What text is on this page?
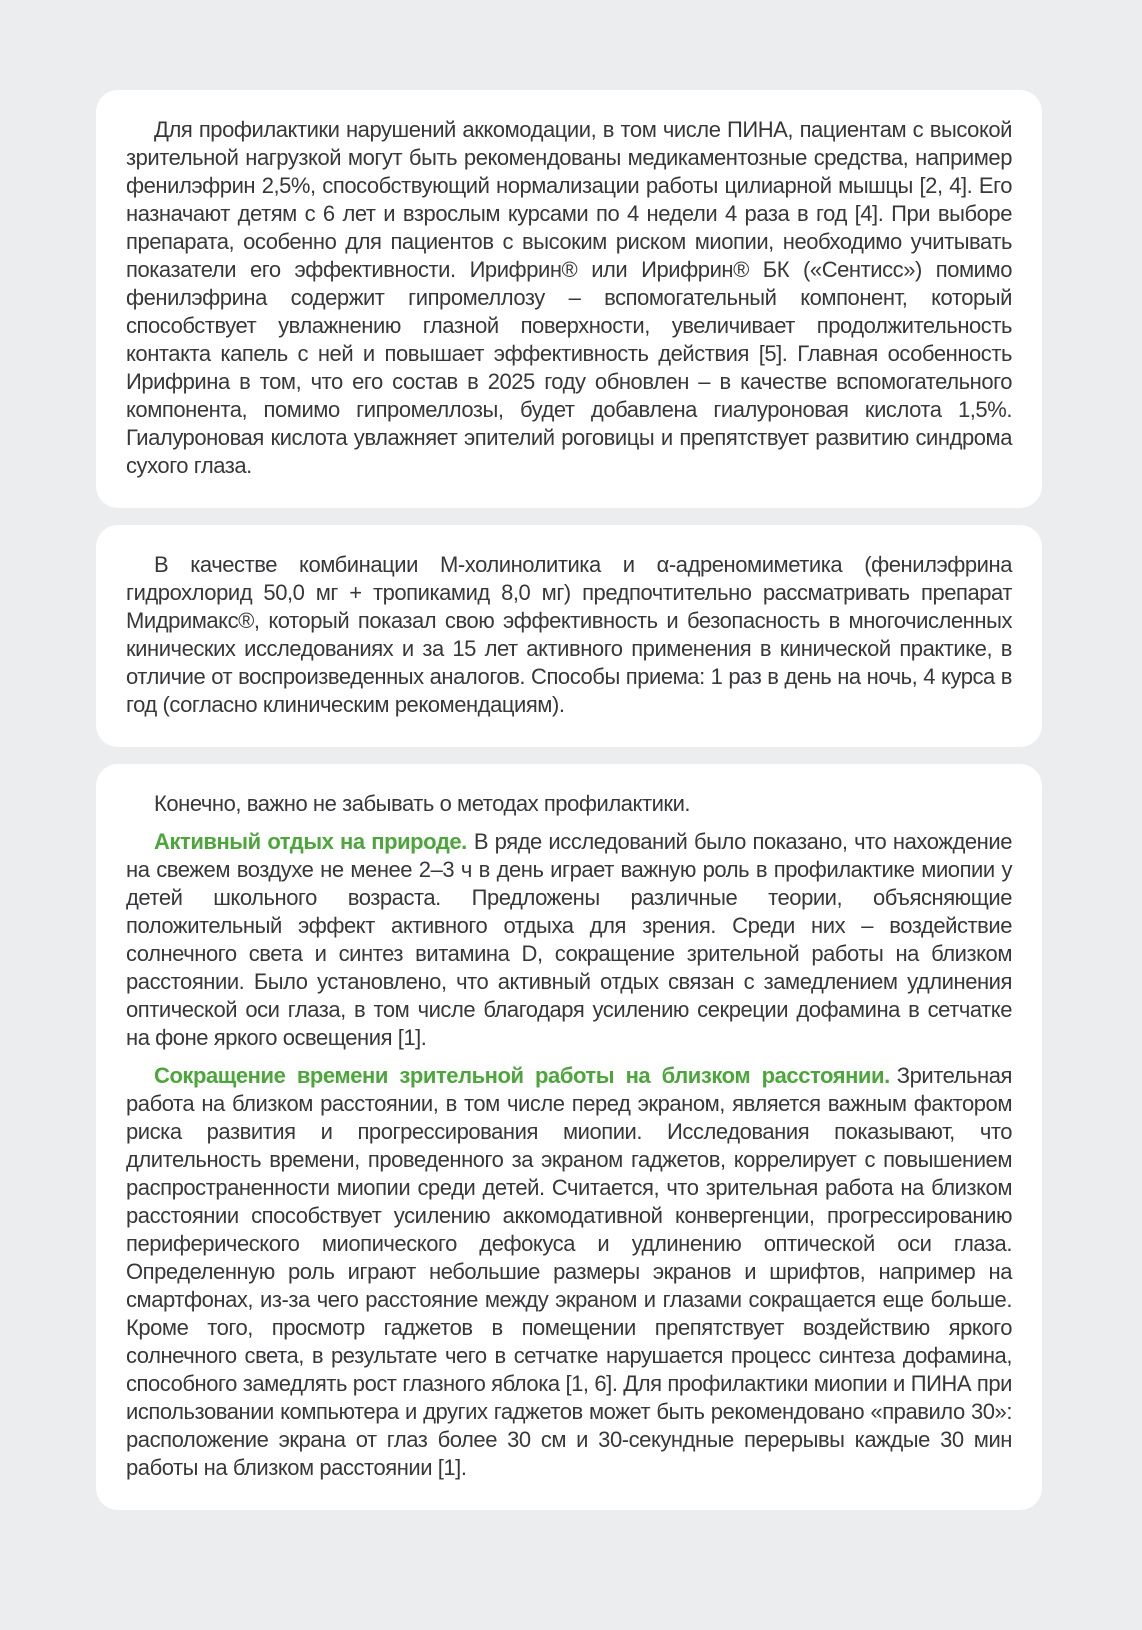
Для профилактики нарушений аккомодации, в том числе ПИНА, пациентам с высокой зрительной нагрузкой могут быть рекомендованы медикаментозные средства, например фенилэфрин 2,5%, способствующий нормализации работы цилиарной мышцы [2, 4]. Его назначают детям с 6 лет и взрослым курсами по 4 недели 4 раза в год [4]. При выборе препарата, особенно для пациентов с высоким риском миопии, необходимо учитывать показатели его эффективности. Ирифрин® или Ирифрин® БК («Сентисс») помимо фенилэфрина содержит гипромеллозу – вспомогательный компонент, который способствует увлажнению глазной поверхности, увеличивает продолжительность контакта капель с ней и повышает эффективность действия [5]. Главная особенность Ирифрина в том, что его состав в 2025 году обновлен – в качестве вспомогательного компонента, помимо гипромеллозы, будет добавлена гиалуроновая кислота 1,5%. Гиалуроновая кислота увлажняет эпителий роговицы и препятствует развитию синдрома сухого глаза.

В качестве комбинации М-холинолитика и α-адреномиметика (фенилэфрина гидрохлорид 50,0 мг + тропикамид 8,0 мг) предпочтительно рассматривать препарат Мидримакс®, который показал свою эффективность и безопасность в многочисленных кинических исследованиях и за 15 лет активного применения в кинической практике, в отличие от воспроизведенных аналогов. Способы приема: 1 раз в день на ночь, 4 курса в год (согласно клиническим рекомендациям).

Конечно, важно не забывать о методах профилактики.

Активный отдых на природе. В ряде исследований было показано, что нахождение на свежем воздухе не менее 2–3 ч в день играет важную роль в профилактике миопии у детей школьного возраста. Предложены различные теории, объясняющие положительный эффект активного отдыха для зрения. Среди них – воздействие солнечного света и синтез витамина D, сокращение зрительной работы на близком расстоянии. Было установлено, что активный отдых связан с замедлением удлинения оптической оси глаза, в том числе благодаря усилению секреции дофамина в сетчатке на фоне яркого освещения [1].

Сокращение времени зрительной работы на близком расстоянии. Зрительная работа на близком расстоянии, в том числе перед экраном, является важным фактором риска развития и прогрессирования миопии. Исследования показывают, что длительность времени, проведенного за экраном гаджетов, коррелирует с повышением распространенности миопии среди детей. Считается, что зрительная работа на близком расстоянии способствует усилению аккомодативной конвергенции, прогрессированию периферического миопического дефокуса и удлинению оптической оси глаза. Определенную роль играют небольшие размеры экранов и шрифтов, например на смартфонах, из-за чего расстояние между экраном и глазами сокращается еще больше. Кроме того, просмотр гаджетов в помещении препятствует воздействию яркого солнечного света, в результате чего в сетчатке нарушается процесс синтеза дофамина, способного замедлять рост глазного яблока [1, 6]. Для профилактики миопии и ПИНА при использовании компьютера и других гаджетов может быть рекомендовано «правило 30»: расположение экрана от глаз более 30 см и 30-секундные перерывы каждые 30 мин работы на близком расстоянии [1].
